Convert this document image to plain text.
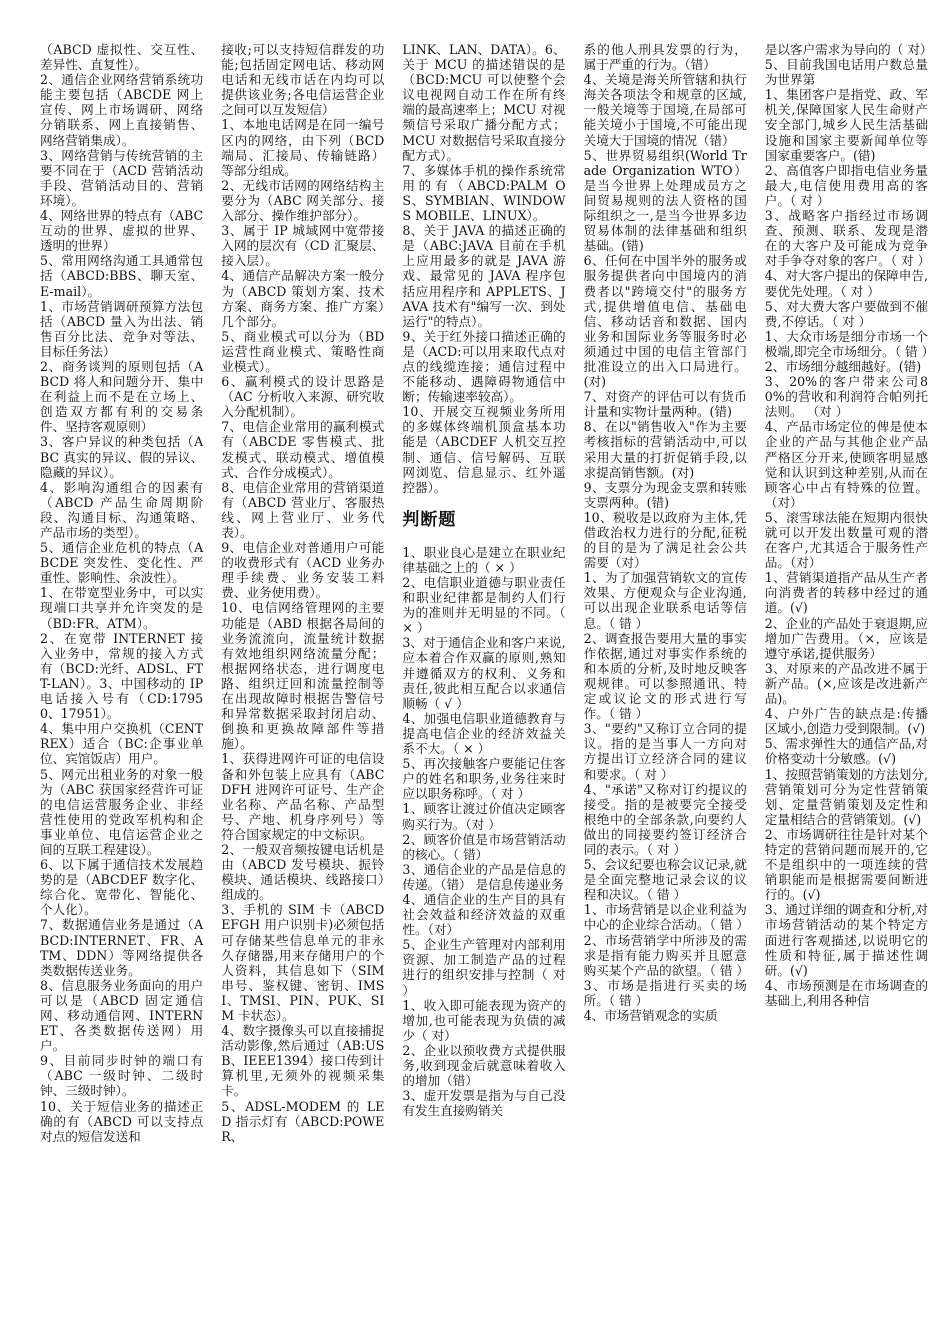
（ABCD 虚拟性、交互性、差异性、直复性）。

2、通信企业网络营销系统功能主要包括（ABCDE 网上宣传、网上市场调研、网络分销联系、网上直接销售、网络营销集成）。

3、网络营销与传统营销的主要不同在于（ACD 营销活动手段、营销活动目的、营销环境）。

4、网络世界的特点有（ABC互动的世界、虚拟的世界、透明的世界）

5、常用网络沟通工具通常包括（ABCD:BBS、聊天室、E-mail）。

1、市场营销调研预算方法包括（ABCD 量入为出法、销售百分比法、竞争对等法、目标任务法）

2、商务谈判的原则包括（ABCD 将人和问题分开、集中在利益上而不是在立场上、创造双方都有利的交易条件、坚持客观原则）

3、客户异议的种类包括（ABC 真实的异议、假的异议、隐藏的异议）。

4、影响沟通组合的因素有（ABCD 产品生命周期阶段、沟通目标、沟通策略、产品市场的类型）。

5、通信企业危机的特点（ABCDE 突发性、变化性、严重性、影响性、余波性）。

1、在带宽型业务中，可以实现端口共享并允许突发的是（BD:FR、ATM）。

2、在宽带 INTERNET 接入业务中，常规的接入方式有（BCD:光纤、ADSL、FTT-LAN）。3、中国移动的 IP 电话接入号有（CD:17950、17951）。

4、集中用户交换机（CENTREX）适合（BC:企事业单位、宾馆饭店）用户。

5、网元出租业务的对象一般为（ABC 获国家经营许可证的电信运营服务企业、非经营性使用的党政军机构和企事业单位、电信运营企业之间的互联工程建设）。

6、以下属于通信技术发展趋势的是（ABCDEF 数字化、综合化、宽带化、智能化、个人化）。

7、数据通信业务是通过（ABCD:INTERNET、FR、ATM、DDN）等网络提供各类数据传送业务。

8、信息服务业务面向的用户可以是（ABCD 固定通信网、移动通信网、INTERNET、各类数据传送网）用户。

9、目前同步时钟的端口有（ABC 一级时钟、二级时钟、三级时钟）。

10、关于短信业务的描述正确的有（ABCD 可以支持点对点的短信发送和

接收;可以支持短信群发的功能;包括固定网电话、移动网电话和无线市话在内均可以提供该业务;各电信运营企业之间可以互发短信）

1、本地电话网是在同一编号区内的网络，由下列（BCD 端局、汇接局、传输链路）等部分组成。

2、无线市话网的网络结构主要分为（ABC 网关部分、接入部分、操作维护部分）。

3、属于 IP 城域网中宽带接入网的层次有（CD 汇聚层、接入层）。

4、通信产品解决方案一般分为（ABCD 策划方案、技术方案、商务方案、推广方案）几个部分。

5、商业模式可以分为（BD 运营性商业模式、策略性商业模式）。

6、赢利模式的设计思路是（AC 分析收入来源、研究收入分配机制）。

7、电信企业常用的赢利模式有（ABCDE 零售模式、批发模式、联动模式、增值模式、合作分成模式）。

8、电信企业常用的营销渠道有（ABCD 营业厅、客服热线、网上营业厅、业务代表）。

9、电信企业对普通用户可能的收费形式有（ACD 业务办理手续费、业务安装工料费、业务使用费）。

10、电信网络管理网的主要功能是（ABD 根据各局间的业务流流向，流量统计数据有效地组织网络流量分配；根据网络状态，进行调度电路、组织迂回和流量控制等在出现故障时根据告警信号和异常数据采取封闭启动、倒换和更换故障部件等措施）。

1、获得进网许可证的电信设备和外包装上应具有（ABCDFH 进网许可证号、生产企业名称、产品名称、产品型号、产地、机身序列号）等符合国家规定的中文标识。

2、一般双音频按键电话机是由（ABCD 发号模块、振铃模块、通话模块、线路接口）组成的。

3、手机的 SIM 卡（ABCDEFGH 用户识别卡)必须包括可存储某些信息单元的非永久存储器,用来存储用户的个人资料，其信息如下（SIM 串号、鉴权键、密钥、IMSI、TMSI、PIN、PUK、SIM 卡状态）。

4、数字摄像头可以直接捕捉活动影像,然后通过（AB:USB、IEEE1394）接口传到计算机里,无须外的视频采集卡。

5、ADSL-MODEM 的 LED 指示灯有（ABCD:POWER、

LINK、LAN、DATA）。6、关于 MCU 的描述错误的是（BCD:MCU 可以使整个会议电视网自动工作在所有终端的最高速率上；MCU 对视频信号采取广播分配方式；MCU 对数据信号采取直接分配方式）。

7、多媒体手机的操作系统常用的有（ABCD:PALM OS、SYMBIAN、WINDOWS MOBILE、LINUX）。

8、关于 JAVA 的描述正确的是（ABC:JAVA 目前在手机上应用最多的就是 JAVA 游戏、最常见的 JAVA 程序包括应用程序和 APPLETS、JAVA 技术有"编写一次、到处运行"的特点）。

9、关于红外接口描述正确的是（ACD:可以用来取代点对点的线缆连接；通信过程中不能移动、遇障碍物通信中断；传输速率较高）。

10、开展交互视频业务所用的多媒体终端机顶盒基本功能是（ABCDEF 人机交互控制、通信、信号解码、互联网浏览、信息显示、红外遥控器）。

判断题

1、职业良心是建立在职业纪律基础之上的（ × ）

2、电信职业道德与职业责任和职业纪律都是制约人们行为的准则并无明显的不同。（ × ）

3、对于通信企业和客户来说,应本着合作双赢的原则,熟知并遵循双方的权利、义务和责任,彼此相互配合以求通信顺畅（ √ ）

4、加强电信职业道德教育与提高电信企业的经济效益关系不大。（ × ）

5、再次接触客户要能记住客户的姓名和职务,业务往来时应以职务称呼。（ 对 ）

1、顾客让渡过价值决定顾客购买行为。（对 ）

2、顾客价值是市场营销活动的核心。（ 错）

3、通信企业的产品是信息的传递。（错） 是信息传递业务

4、通信企业的生产目的具有社会效益和经济效益的双重性。（对）

5、企业生产管理对内部利用资源、加工制造产品的过程进行的组织安排与控制（ 对 ）

1、收入即可能表现为资产的增加,也可能表现为负债的减少（ 对）

2、企业以预收费方式提供服务,收到现金后就意味着收入的增加（错）

3、虚开发票是指为与自己没有发生直接购销关

系的他人刑具发票的行为，属于严重的行为。（错）

4、关境是海关所管辖和执行海关各项法令和规章的区域,一般关境等于国境,在局部可能关境小于国境,不可能出现关境大于国境的情况（错）

5、世界贸易组织(World Trade Organization WTO）是当今世界上处理成员方之间贸易规则的法人资格的国际组织之一,是当今世界多边贸易体制的法律基础和组织基础。(错)

6、任何在中国半外的服务或服务提供者向中国境内的消费者以"跨境交付"的服务方式,提供增值电信、基础电信、移动话音和数据、国内业务和国际业务等服务时必须通过中国的电信主管部门批准设立的出入口局进行。(对)

7、对资产的评估可以有货币计量和实物计量两种。(错)

8、在以"销售收入"作为主要考核指标的营销活动中,可以采用大量的打折促销手段,以求提高销售额。(对)

9、支票分为现金支票和转账支票两种。(错)

10、税收是以政府为主体,凭借政治权力进行的分配,征税的目的是为了满足社会公共需要（对）

1、为了加强营销软文的宣传效果、方便观众与企业沟通,可以出现企业联系电话等信息。（ 错 ）

2、调查报告要用大量的事实作依据,通过对事实作系统的和本质的分析,及时地反映客观规律。可以参照通讯、特定或议论文的形式进行写作。（ 错 ）

3、"要约"又称订立合同的提议。指的是当事人一方向对方提出订立经济合同的建议和要求。（ 对 ）

4、"承诺"又称对订约提议的接受。指的是被要完全接受根绝中的全部条款,向要约人做出的同接要约签订经济合同的表示。（ 对 ）

5、会议纪要也称会议记录,就是全面完整地记录会议的议程和决议。（ 错 ）

1、市场营销是以企业利益为中心的企业综合活动。（ 错 ）

2、市场营销学中所涉及的需求是指有能力购买并且愿意购买某个产品的欲望。（ 错 ）

3、市场是指进行买卖的场所。（ 错 ）

4、市场营销观念的实质

是以客户需求为导向的（ 对）

5、目前我国电话用户数总量为世界第

1、集团客户是指党、政、军机关,保障国家人民生命财产安全部门,城乡人民生活基础设施和国家主要新闻单位等国家重要客户。(错)

2、高值客户即指电信业务量最大,电信使用费用高的客户。（ 对 ）

3、战略客户指经过市场调查、预测、联系、发现是潜在的大客户及可能成为竞争对手争夺对象的客户。（ 对 ）

4、对大客户提出的保障申告,要优先处理。（ 对 ）

5、对大费大客户要做到不催费,不停话。（ 对 ）

1、大众市场是细分市场一个极端,即完全市场细分。（ 错 ）

2、市场细分越细越好。(错)

3、20%的客户带来公司80%的营收和利润符合帕列托法则。 （对 ）

4、产品市场定位的俾是使本企业的产品与其他企业产品严格区分开来,使顾客明显感觉和认识到这种差别,从而在顾客心中占有特殊的位置。（对）

5、滚雪球法能在短期内很快就可以开发出数量可观的潜在客户,尤其适合于服务性产品。（对）

1、营销渠道指产品从生产者向消费者的转移中经过的通道。(√)

2、企业的产品处于衰退期,应增加广告费用。（×，应该是遵守承诺,提供服务）

3、对原来的产品改进不属于新产品。(×,应该是改进新产品)。

4、户外广告的缺点是:传播区域小,创造力受到限制。(√)

5、需求弹性大的通信产品,对价格变动十分敏感。(√)

1、按照营销策划的方法划分,营销策划可分为定性营销策划、定量营销策划及定性和定量相结合的营销策划。(√)

2、市场调研往往是针对某个特定的营销问题而展开的,它不是组织中的一项连续的营销职能而是根据需要间断进行的。(√)

3、通过详细的调查和分析,对市场营销活动的某个特定方面进行客观描述,以说明它的性质和特征,属于描述性调研。(√)

4、市场预测是在市场调查的基础上,利用各种信
